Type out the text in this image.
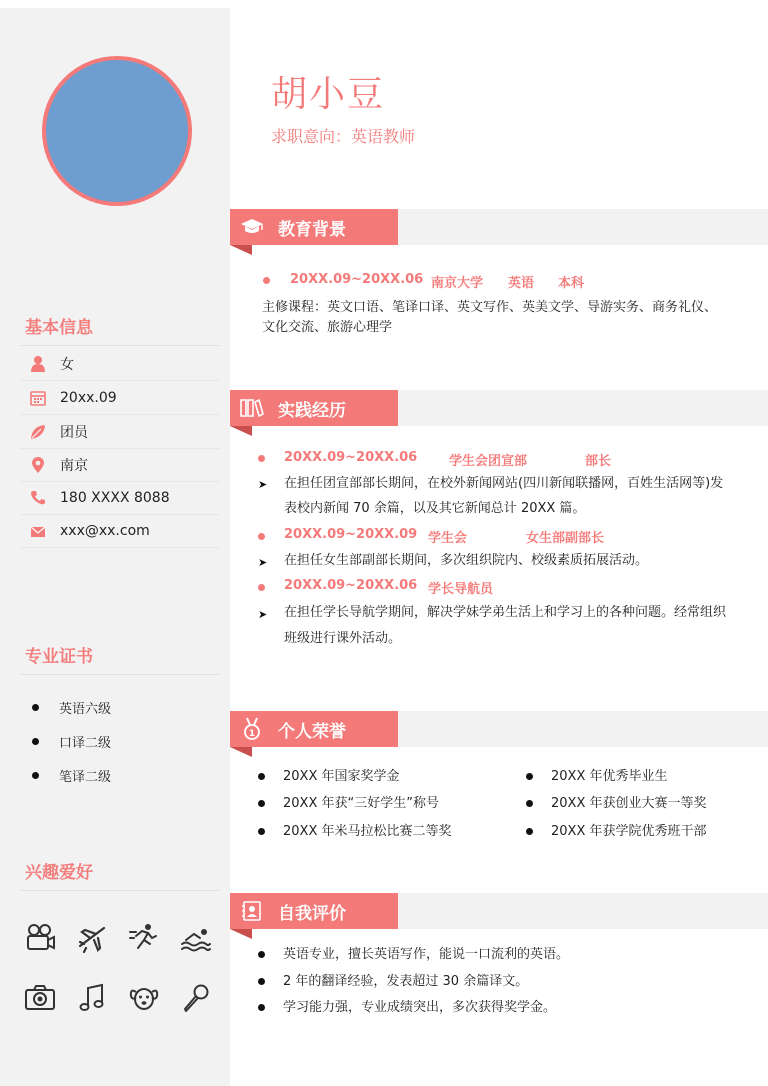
基本信息
女
20xx.09
团员
南京
180 XXXX 8088
xxx@xx.com
专业证书
英语六级
口译二级
笔译二级
兴趣爱好
胡小豆
求职意向：英语教师
教育背景
20XX.09~20XX.06 南京大学 英语 本科
主修课程：英文口语、笔译口译、英文写作、英美文学、导游实务、商务礼仪、
文化交流、旅游心理学
实践经历
20XX.09~20XX.06 学生会团宣部	部长
➤ 在担任团宣部部长期间，在校外新闻网站(四川新闻联播网，百姓生活网等)发
表校内新闻 70 余篇，以及其它新闻总计 20XX 篇。
20XX.09~20XX.09 学生会	女生部副部长
➤ 在担任女生部副部长期间，多次组织院内、校级素质拓展活动。
20XX.09~20XX.06 学长导航员
➤ 在担任学长导航学期间，解决学妹学弟生活上和学习上的各种问题。经常组织
班级进行课外活动。
1 个人荣誉
20XX 年国家奖学金
20XX 年获“三好学生”称号
20XX 年米马拉松比赛二等奖
20XX 年优秀毕业生
20XX 年获创业大赛一等奖
20XX 年获学院优秀班干部
自我评价
英语专业，擅长英语写作，能说一口流利的英语。
2 年的翻译经验，发表超过 30 余篇译文。
学习能力强，专业成绩突出，多次获得奖学金。
